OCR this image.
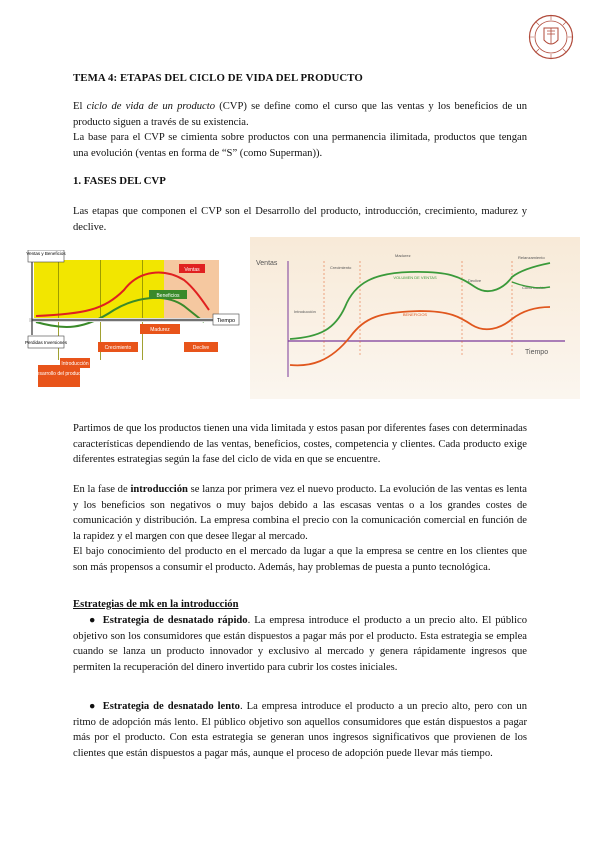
TEMA 4: ETAPAS DEL CICLO DE VIDA DEL PRODUCTO

El ciclo de vida de un producto (CVP) se define como el curso que las ventas y los beneficios de un producto siguen a través de su existencia.

La base para el CVP se cimienta sobre productos con una permanencia ilimitada, productos que tengan una evolución (ventas en forma de “S” (como Superman)).

1. FASES DEL CVP

Las etapas que componen el CVP son el Desarrollo del producto, introducción, crecimiento, madurez y declive.

Ventas
Beneficios
Tiempo
Ventas y Beneficios
Perdidas Inversiones
Desarrollo del producto
Introducción
Crecimiento
Madurez
Declive
Ventas
Tiempo
Introducción
Crecimiento
Madurez
Declive
Relanzamiento
Continuación
VOLUMEN DE VENTAS
BENEFICIOS

Partimos de que los productos tienen una vida limitada y estos pasan por diferentes fases con determinadas características dependiendo de las ventas, beneficios, costes, competencia y clientes. Cada producto exige diferentes estrategias según la fase del ciclo de vida en que se encuentre.

En la fase de introducción se lanza por primera vez el nuevo producto. La evolución de las ventas es lenta y los beneficios son negativos o muy bajos debido a las escasas ventas o a los grandes costes de comunicación y distribución. La empresa combina el precio con la comunicación comercial en función de la rapidez y el margen con que desee llegar al mercado.

El bajo conocimiento del producto en el mercado da lugar a que la empresa se centre en los clientes que son más propensos a consumir el producto. Además, hay problemas de puesta a punto tecnológica.

Estrategias de mk en la introducción

● Estrategia de desnatado rápido. La empresa introduce el producto a un precio alto. El público objetivo son los consumidores que están dispuestos a pagar más por el producto. Esta estrategia se emplea cuando se lanza un producto innovador y exclusivo al mercado y genera rápidamente ingresos que permiten la recuperación del dinero invertido para cubrir los costes iniciales.

● Estrategia de desnatado lento. La empresa introduce el producto a un precio alto, pero con un ritmo de adopción más lento. El público objetivo son aquellos consumidores que están dispuestos a pagar más por el producto. Con esta estrategia se generan unos ingresos significativos que provienen de los clientes que están dispuestos a pagar más, aunque el proceso de adopción puede llevar más tiempo.
